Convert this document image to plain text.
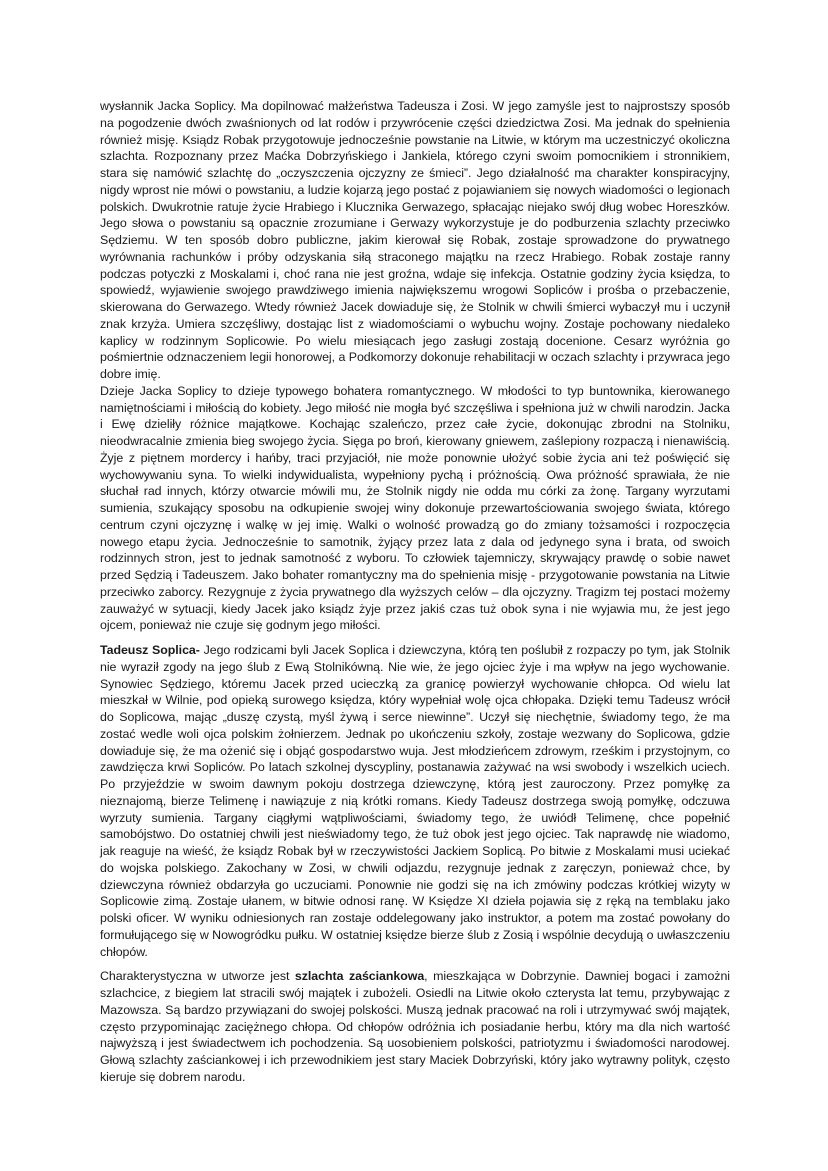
wysłannik Jacka Soplicy. Ma dopilnować małżeństwa Tadeusza i Zosi. W jego zamyśle jest to najprostszy sposób na pogodzenie dwóch zwaśnionych od lat rodów i przywrócenie części dziedzictwa Zosi. Ma jednak do spełnienia również misję. Ksiądz Robak przygotowuje jednocześnie powstanie na Litwie, w którym ma uczestniczyć okoliczna szlachta. Rozpoznany przez Maćka Dobrzyńskiego i Jankiela, którego czyni swoim pomocnikiem i stronnikiem, stara się namówić szlachtę do „oczyszczenia ojczyzny ze śmieci”. Jego działalność ma charakter konspiracyjny, nigdy wprost nie mówi o powstaniu, a ludzie kojarzą jego postać z pojawianiem się nowych wiadomości o legionach polskich. Dwukrotnie ratuje życie Hrabiego i Klucznika Gerwazego, spłacając niejako swój dług wobec Horeszków. Jego słowa o powstaniu są opacznie zrozumiane i Gerwazy wykorzystuje je do podburzenia szlachty przeciwko Sędziemu. W ten sposób dobro publiczne, jakim kierował się Robak, zostaje sprowadzone do prywatnego wyrównania rachunków i próby odzyskania siłą straconego majątku na rzecz Hrabiego. Robak zostaje ranny podczas potyczki z Moskalami i, choć rana nie jest groźna, wdaje się infekcja. Ostatnie godziny życia księdza, to spowiedź, wyjawienie swojego prawdziwego imienia największemu wrogowi Sopliców i prośba o przebaczenie, skierowana do Gerwazego. Wtedy również Jacek dowiaduje się, że Stolnik w chwili śmierci wybaczył mu i uczynił znak krzyża. Umiera szczęśliwy, dostając list z wiadomościami o wybuchu wojny. Zostaje pochowany niedaleko kaplicy w rodzinnym Soplicowie. Po wielu miesiącach jego zasługi zostają docenione. Cesarz wyróżnia go pośmiertnie odznaczeniem legii honorowej, a Podkomorzy dokonuje rehabilitacji w oczach szlachty i przywraca jego dobre imię.

Dzieje Jacka Soplicy to dzieje typowego bohatera romantycznego. W młodości to typ buntownika, kierowanego namiętnościami i miłością do kobiety. Jego miłość nie mogła być szczęśliwa i spełniona już w chwili narodzin. Jacka i Ewę dzieliły różnice majątkowe. Kochając szaleńczo, przez całe życie, dokonując zbrodni na Stolniku, nieodwracalnie zmienia bieg swojego życia. Sięga po broń, kierowany gniewem, zaślepiony rozpaczą i nienawiścią. Żyje z piętnem mordercy i hańby, traci przyjaciół, nie może ponownie ułożyć sobie życia ani też poświęcić się wychowywaniu syna. To wielki indywidualista, wypełniony pychą i próżnością. Owa próżność sprawiała, że nie słuchał rad innych, którzy otwarcie mówili mu, że Stolnik nigdy nie odda mu córki za żonę. Targany wyrzutami sumienia, szukający sposobu na odkupienie swojej winy dokonuje przewartościowania swojego świata, którego centrum czyni ojczyznę i walkę w jej imię. Walki o wolność prowadzą go do zmiany tożsamości i rozpoczęcia nowego etapu życia. Jednocześnie to samotnik, żyjący przez lata z dala od jedynego syna i brata, od swoich rodzinnych stron, jest to jednak samotność z wyboru. To człowiek tajemniczy, skrywający prawdę o sobie nawet przed Sędzią i Tadeuszem. Jako bohater romantyczny ma do spełnienia misję - przygotowanie powstania na Litwie przeciwko zaborcy. Rezygnuje z życia prywatnego dla wyższych celów – dla ojczyzny. Tragizm tej postaci możemy zauważyć w sytuacji, kiedy Jacek jako ksiądz żyje przez jakiś czas tuż obok syna i nie wyjawia mu, że jest jego ojcem, ponieważ nie czuje się godnym jego miłości.

Tadeusz Soplica- Jego rodzicami byli Jacek Soplica i dziewczyna, którą ten poślubił z rozpaczy po tym, jak Stolnik nie wyraził zgody na jego ślub z Ewą Stolnikówną. Nie wie, że jego ojciec żyje i ma wpływ na jego wychowanie. Synowiec Sędziego, któremu Jacek przed ucieczką za granicę powierzył wychowanie chłopca. Od wielu lat mieszkał w Wilnie, pod opieką surowego księdza, który wypełniał wolę ojca chłopaka. Dzięki temu Tadeusz wrócił do Soplicowa, mając „duszę czystą, myśl żywą i serce niewinne”. Uczył się niechętnie, świadomy tego, że ma zostać wedle woli ojca polskim żołnierzem. Jednak po ukończeniu szkoły, zostaje wezwany do Soplicowa, gdzie dowiaduje się, że ma ożenić się i objąć gospodarstwo wuja. Jest młodzieńcem zdrowym, rześkim i przystojnym, co zawdzięcza krwi Sopliców. Po latach szkolnej dyscypliny, postanawia zażywać na wsi swobody i wszelkich uciech. Po przyjeździe w swoim dawnym pokoju dostrzega dziewczynę, którą jest zauroczony. Przez pomyłkę za nieznajomą, bierze Telimenę i nawiązuje z nią krótki romans. Kiedy Tadeusz dostrzega swoją pomyłkę, odczuwa wyrzuty sumienia. Targany ciągłymi wątpliwościami, świadomy tego, że uwiódł Telimenę, chce popełnić samobójstwo. Do ostatniej chwili jest nieświadomy tego, że tuż obok jest jego ojciec. Tak naprawdę nie wiadomo, jak reaguje na wieść, że ksiądz Robak był w rzeczywistości Jackiem Soplicą. Po bitwie z Moskalami musi uciekać do wojska polskiego. Zakochany w Zosi, w chwili odjazdu, rezygnuje jednak z zaręczyn, ponieważ chce, by dziewczyna również obdarzyła go uczuciami. Ponownie nie godzi się na ich zmówiny podczas krótkiej wizyty w Soplicowie zimą. Zostaje ułanem, w bitwie odnosi ranę. W Księdze XI dzieła pojawia się z ręką na temblaku jako polski oficer. W wyniku odniesionych ran zostaje oddelegowany jako instruktor, a potem ma zostać powołany do formułującego się w Nowogródku pułku. W ostatniej księdze bierze ślub z Zosią i wspólnie decydują o uwłaszczeniu chłopów.

Charakterystyczna w utworze jest szlachta zaściankowa, mieszkająca w Dobrzynie. Dawniej bogaci i zamożni szlachcice, z biegiem lat stracili swój majątek i zubożeli. Osiedli na Litwie około czterysta lat temu, przybywając z Mazowsza. Są bardzo przywiązani do swojej polskości. Muszą jednak pracować na roli i utrzymywać swój majątek, często przypominając zaciężnego chłopa. Od chłopów odróżnia ich posiadanie herbu, który ma dla nich wartość najwyższą i jest świadectwem ich pochodzenia. Są uosobieniem polskości, patriotyzmu i świadomości narodowej. Głową szlachty zaściankowej i ich przewodnikiem jest stary Maciek Dobrzyński, który jako wytrawny polityk, często kieruje się dobrem narodu.
